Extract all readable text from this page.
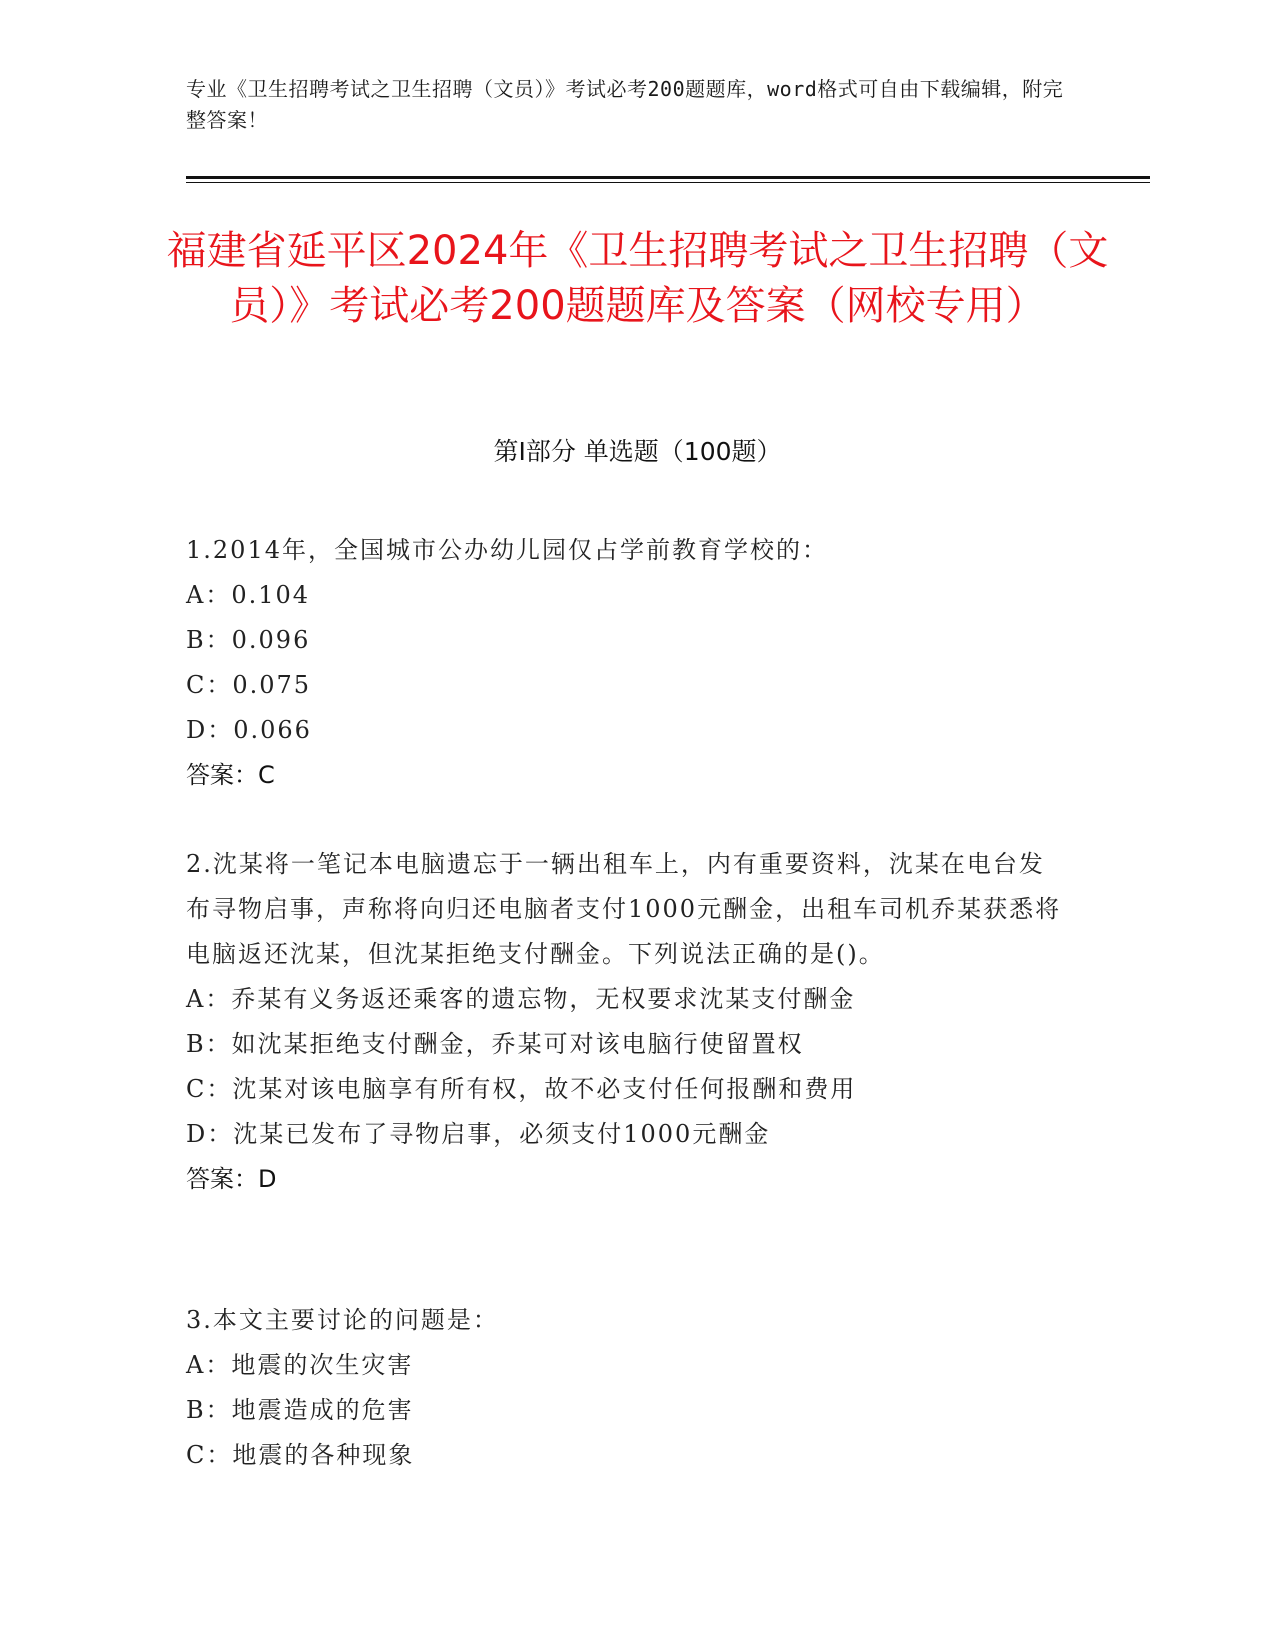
专业《卫生招聘考试之卫生招聘（文员）》考试必考200题题库，word格式可自由下载编辑，附完整答案！
福建省延平区2024年《卫生招聘考试之卫生招聘（文员）》考试必考200题题库及答案（网校专用）
第I部分 单选题（100题）

1.2014年，全国城市公办幼儿园仅占学前教育学校的：

A：0.104

B：0.096

C：0.075

D：0.066

答案：C

2.沈某将一笔记本电脑遗忘于一辆出租车上，内有重要资料，沈某在电台发布寻物启事，声称将向归还电脑者支付1000元酬金，出租车司机乔某获悉将电脑返还沈某，但沈某拒绝支付酬金。下列说法正确的是()。

A：乔某有义务返还乘客的遗忘物，无权要求沈某支付酬金

B：如沈某拒绝支付酬金，乔某可对该电脑行使留置权

C：沈某对该电脑享有所有权，故不必支付任何报酬和费用

D：沈某已发布了寻物启事，必须支付1000元酬金

答案：D

3.本文主要讨论的问题是：

A：地震的次生灾害

B：地震造成的危害

C：地震的各种现象
